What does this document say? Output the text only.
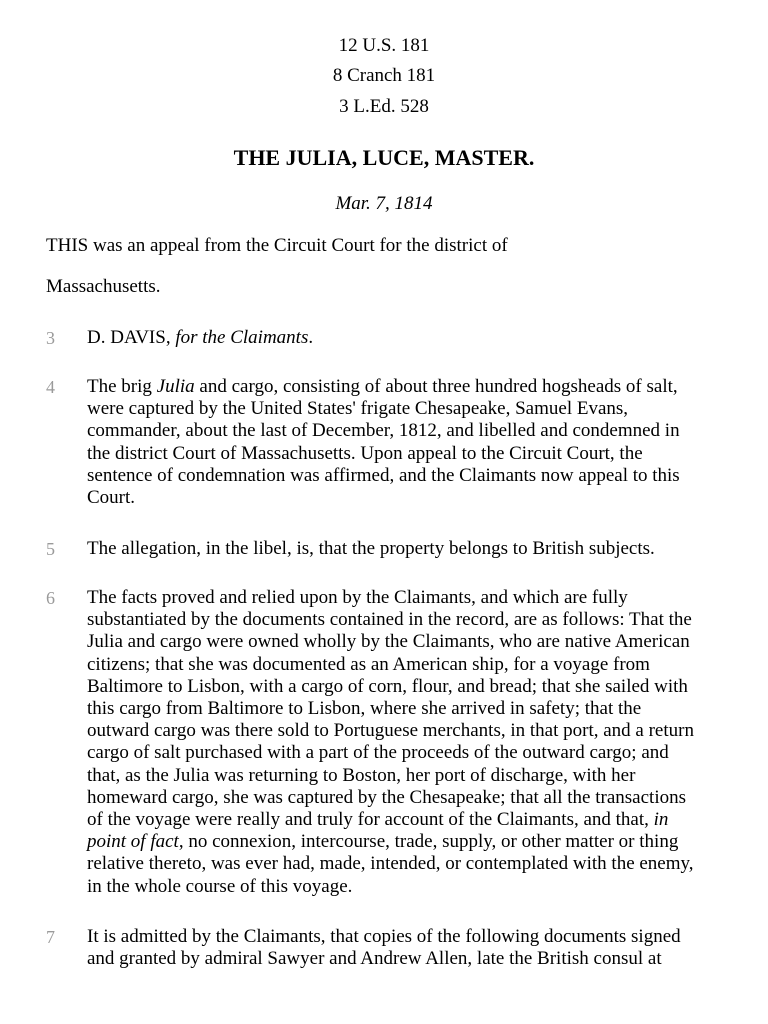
12 U.S. 181
8 Cranch 181
3 L.Ed. 528
THE JULIA, LUCE, MASTER.
Mar. 7, 1814
THIS was an appeal from the Circuit Court for the district of
Massachusetts.
3 D. DAVIS, for the Claimants.
4 The brig Julia and cargo, consisting of about three hundred hogsheads of salt,
were captured by the United States' frigate Chesapeake, Samuel Evans,
commander, about the last of December, 1812, and libelled and condemned in
the district Court of Massachusetts. Upon appeal to the Circuit Court, the
sentence of condemnation was affirmed, and the Claimants now appeal to this
Court.
5 The allegation, in the libel, is, that the property belongs to British subjects.
6 The facts proved and relied upon by the Claimants, and which are fully
substantiated by the documents contained in the record, are as follows: That the
Julia and cargo were owned wholly by the Claimants, who are native American
citizens; that she was documented as an American ship, for a voyage from
Baltimore to Lisbon, with a cargo of corn, flour, and bread; that she sailed with
this cargo from Baltimore to Lisbon, where she arrived in safety; that the
outward cargo was there sold to Portuguese merchants, in that port, and a return
cargo of salt purchased with a part of the proceeds of the outward cargo; and
that, as the Julia was returning to Boston, her port of discharge, with her
homeward cargo, she was captured by the Chesapeake; that all the transactions
of the voyage were really and truly for account of the Claimants, and that, in
point of fact, no connexion, intercourse, trade, supply, or other matter or thing
relative thereto, was ever had, made, intended, or contemplated with the enemy,
in the whole course of this voyage.
7 It is admitted by the Claimants, that copies of the following documents signed
and granted by admiral Sawyer and Andrew Allen, late the British consul at
